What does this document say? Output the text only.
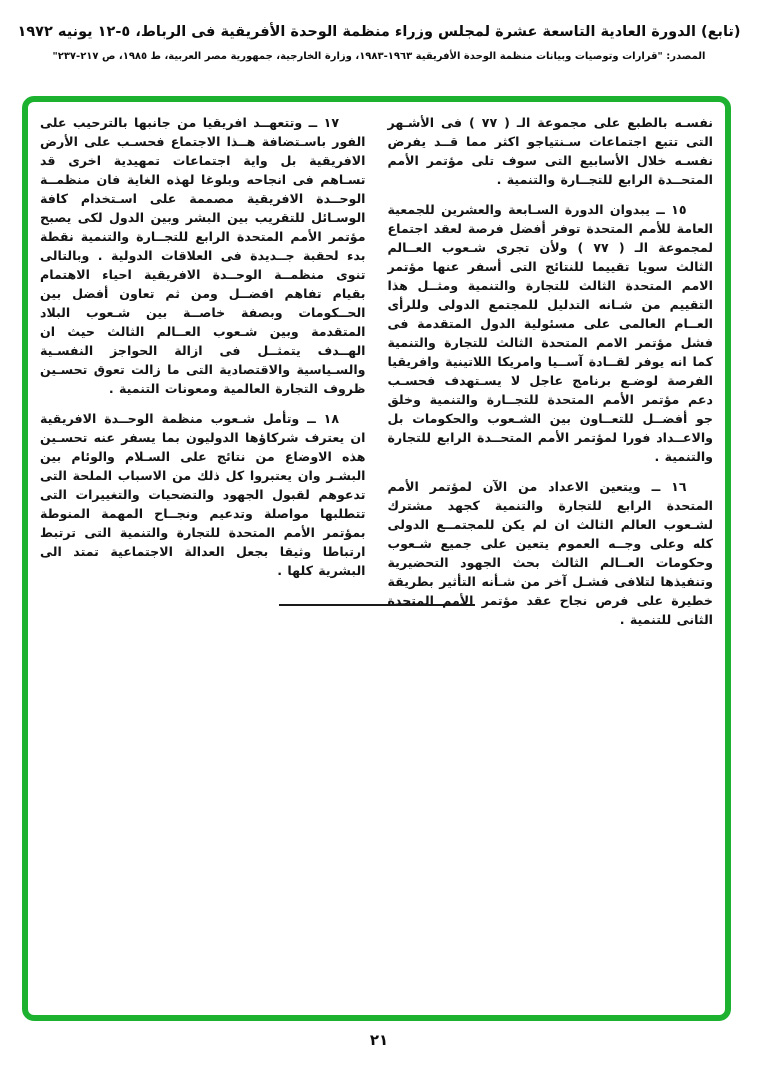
(تابع) الدورة العادية التاسعة عشرة لمجلس وزراء منظمة الوحدة الأفريقية فى الرباط، ٥-١٢ يونيه ١٩٧٢
المصدر: "قرارات وتوصيات وبيانات منظمة الوحدة الأفريقية ١٩٦٣-١٩٨٣، وزارة الخارجية، جمهورية مصر العربية، ط ١٩٨٥، ص ٢١٧-٢٣٧"

نفسـه بالطبع على مجموعة الـ ( ٧٧ ) فى الأشـهر التى تتبع اجتماعات سـنتياجو اكثر مما قــد يفرض نفسـه خلال الأسابيع التى سوف تلى مؤتمر الأمم المتحــدة الرابع للتجــارة والتنمية .

١٥ ــ يبدوان الدورة السـابعة والعشرين للجمعية العامة للأمم المتحدة توفر أفضل فرصة لعقد اجتماع لمجموعة الـ ( ٧٧ ) ولأن تجرى شـعوب العــالم الثالث سويا تقييما للنتائج التى أسفر عنها مؤتمر الامم المتحدة الثالث للتجارة والتنمية ومثــل هذا التقييم من شـانه التدليل للمجتمع الدولى وللرأى العــام العالمى على مسئولية الدول المتقدمة فى فشل مؤتمر الامم المتحدة الثالث للتجارة والتنمية كما انه يوفر لقــادة آســيا وامريكا اللاتينية وافريقيا الفرصة لوضـع برنامج عاجل لا يسـتهدف فحسـب دعم مؤتمر الأمم المتحدة للتجــارة والتنمية وخلق جو أفضــل للتعــاون بين الشـعوب والحكومات بل والاعــداد فورا لمؤتمر الأمم المتحــدة الرابع للتجارة والتنمية .

١٦ ــ ويتعين الاعداد من الآن لمؤتمر الأمم المتحدة الرابع للتجارة والتنمية كجهد مشترك لشـعوب العالم الثالث ان لم يكن للمجتمــع الدولى كله وعلى وجــه العموم يتعين على جميع شـعوب وحكومات العــالم الثالث بحث الجهود التحضيرية وتنفيذها لتلافى فشـل آخر من شـأنه التأثير بطريقة خطيرة على فرص نجاح عقد مؤتمر الأمم المتحدة الثانى للتنمية .

١٧ ــ وتتعهــد افريقيا من جانبها بالترحيب على الفور باسـتضافة هــذا الاجتماع فحسـب على الأرض الافريقية بل واية اجتماعات تمهيدية اخرى قد تسـاهم فى انجاحه وبلوغا لهذه الغاية فان منظمــة الوحــدة الافريقية مصممة على اسـتخدام كافة الوسـائل للتقريب بين البشر وبين الدول لكى يصبح مؤتمر الأمم المتحدة الرابع للتجــارة والتنمية نقطة بدء لحقبة جــديدة فى العلاقات الدولية . وبالتالى تنوى منظمــة الوحــدة الافريقية احياء الاهتمام بقيام تفاهم افضــل ومن ثم تعاون أفضل بين الحــكومات وبصفة خاصــة بين شـعوب البلاد المتقدمة وبين شـعوب العــالم الثالث حيث ان الهــدف يتمثــل فى ازالة الحواجز النفسـية والسـياسية والاقتصادية التى ما زالت تعوق تحسـين ظروف التجارة العالمية ومعونات التنمية .

١٨ ــ وتأمل شـعوب منظمة الوحــدة الافريقية ان يعترف شركاؤها الدوليون بما يسفر عنه تحسـين هذه الاوضاع من نتائج على السـلام والوئام بين البشـر وان يعتبروا كل ذلك من الاسباب الملحة التى تدعوهم لقبول الجهود والتضحيات والتغييرات التى تتطلبها مواصلة وتدعيم ونجــاح المهمة المنوطة بمؤتمر الأمم المتحدة للتجارة والتنمية التى ترتبط ارتباطا وثيقا بجعل العدالة الاجتماعية تمتد الى البشرية كلها .

٢١
